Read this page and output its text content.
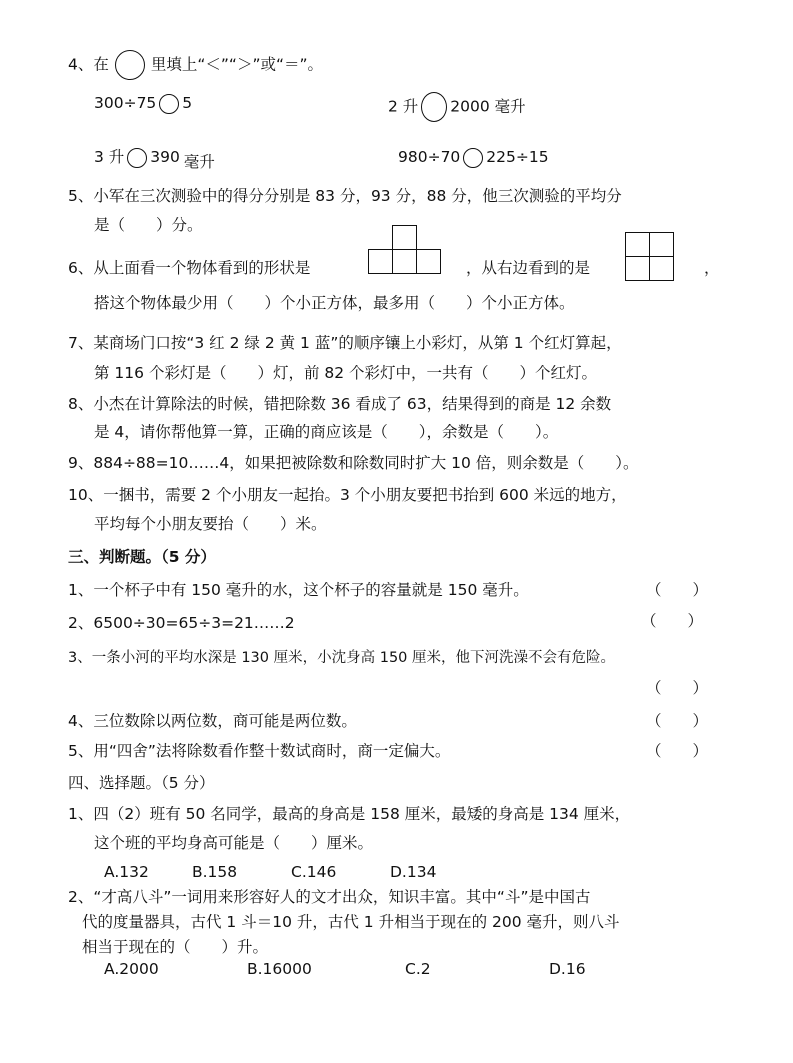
4、在	里填上“＜”“＞”或“＝”。
300÷75 5	2 升 2000 毫升
3 升 390 毫升	980÷70 225÷15
5、小军在三次测验中的得分分别是 83 分，93 分，88 分，他三次测验的平均分
是（　　）分。
6、从上面看一个物体看到的形状是	，从右边看到的是	，
搭这个物体最少用（　　）个小正方体，最多用（　　）个小正方体。
7、某商场门口按“3 红 2 绿 2 黄 1 蓝”的顺序镶上小彩灯，从第 1 个红灯算起，
第 116 个彩灯是（　　）灯，前 82 个彩灯中，一共有（　　）个红灯。
8、小杰在计算除法的时候，错把除数 36 看成了 63，结果得到的商是 12 余数
是 4，请你帮他算一算，正确的商应该是（　　），余数是（　　）。
9、884÷88=10……4，如果把被除数和除数同时扩大 10 倍，则余数是（　　）。
10、一捆书，需要 2 个小朋友一起抬。3 个小朋友要把书抬到 600 米远的地方，
平均每个小朋友要抬（　　）米。
三、判断题。（5 分）
1、一个杯子中有 150 毫升的水，这个杯子的容量就是 150 毫升。	（　　）
2、6500÷30=65÷3=21……2	（　　）
3、一条小河的平均水深是 130 厘米，小沈身高 150 厘米，他下河洗澡不会有危险。
（　　）
4、三位数除以两位数，商可能是两位数。	（　　）
5、用“四舍”法将除数看作整十数试商时，商一定偏大。	（　　）
四、选择题。（5 分）
1、四（2）班有 50 名同学，最高的身高是 158 厘米，最矮的身高是 134 厘米，
这个班的平均身高可能是（　　）厘米。
A.132	B.158	C.146	D.134
2、“才高八斗”一词用来形容好人的文才出众，知识丰富。其中“斗”是中国古
代的度量器具，古代 1 斗＝10 升，古代 1 升相当于现在的 200 毫升，则八斗
相当于现在的（　　）升。
A.2000	B.16000	C.2	D.16
